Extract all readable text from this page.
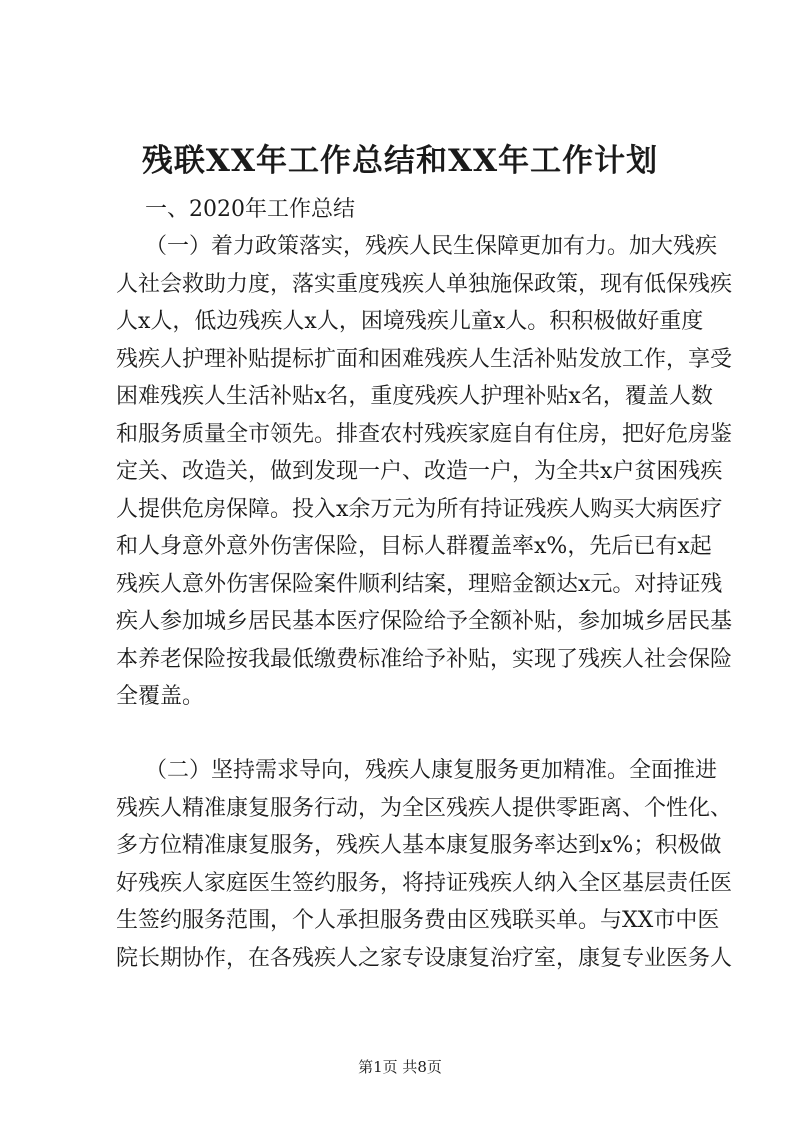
残联XX年工作总结和XX年工作计划
一、2020年工作总结
（一）着力政策落实，残疾人民生保障更加有力。加大残疾
人社会救助力度，落实重度残疾人单独施保政策，现有低保残疾
人x人，低边残疾人x人，困境残疾儿童x人。积积极做好重度
残疾人护理补贴提标扩面和困难残疾人生活补贴发放工作，享受
困难残疾人生活补贴x名，重度残疾人护理补贴x名，覆盖人数
和服务质量全市领先。排查农村残疾家庭自有住房，把好危房鉴
定关、改造关，做到发现一户、改造一户，为全共x户贫困残疾
人提供危房保障。投入x余万元为所有持证残疾人购买大病医疗
和人身意外意外伤害保险，目标人群覆盖率x%，先后已有x起
残疾人意外伤害保险案件顺利结案，理赔金额达x元。对持证残
疾人参加城乡居民基本医疗保险给予全额补贴，参加城乡居民基
本养老保险按我最低缴费标准给予补贴，实现了残疾人社会保险
全覆盖。
（二）坚持需求导向，残疾人康复服务更加精准。全面推进
残疾人精准康复服务行动，为全区残疾人提供零距离、个性化、
多方位精准康复服务，残疾人基本康复服务率达到x%；积极做
好残疾人家庭医生签约服务，将持证残疾人纳入全区基层责任医
生签约服务范围，个人承担服务费由区残联买单。与XX市中医
院长期协作，在各残疾人之家专设康复治疗室，康复专业医务人
第1页 共8页
